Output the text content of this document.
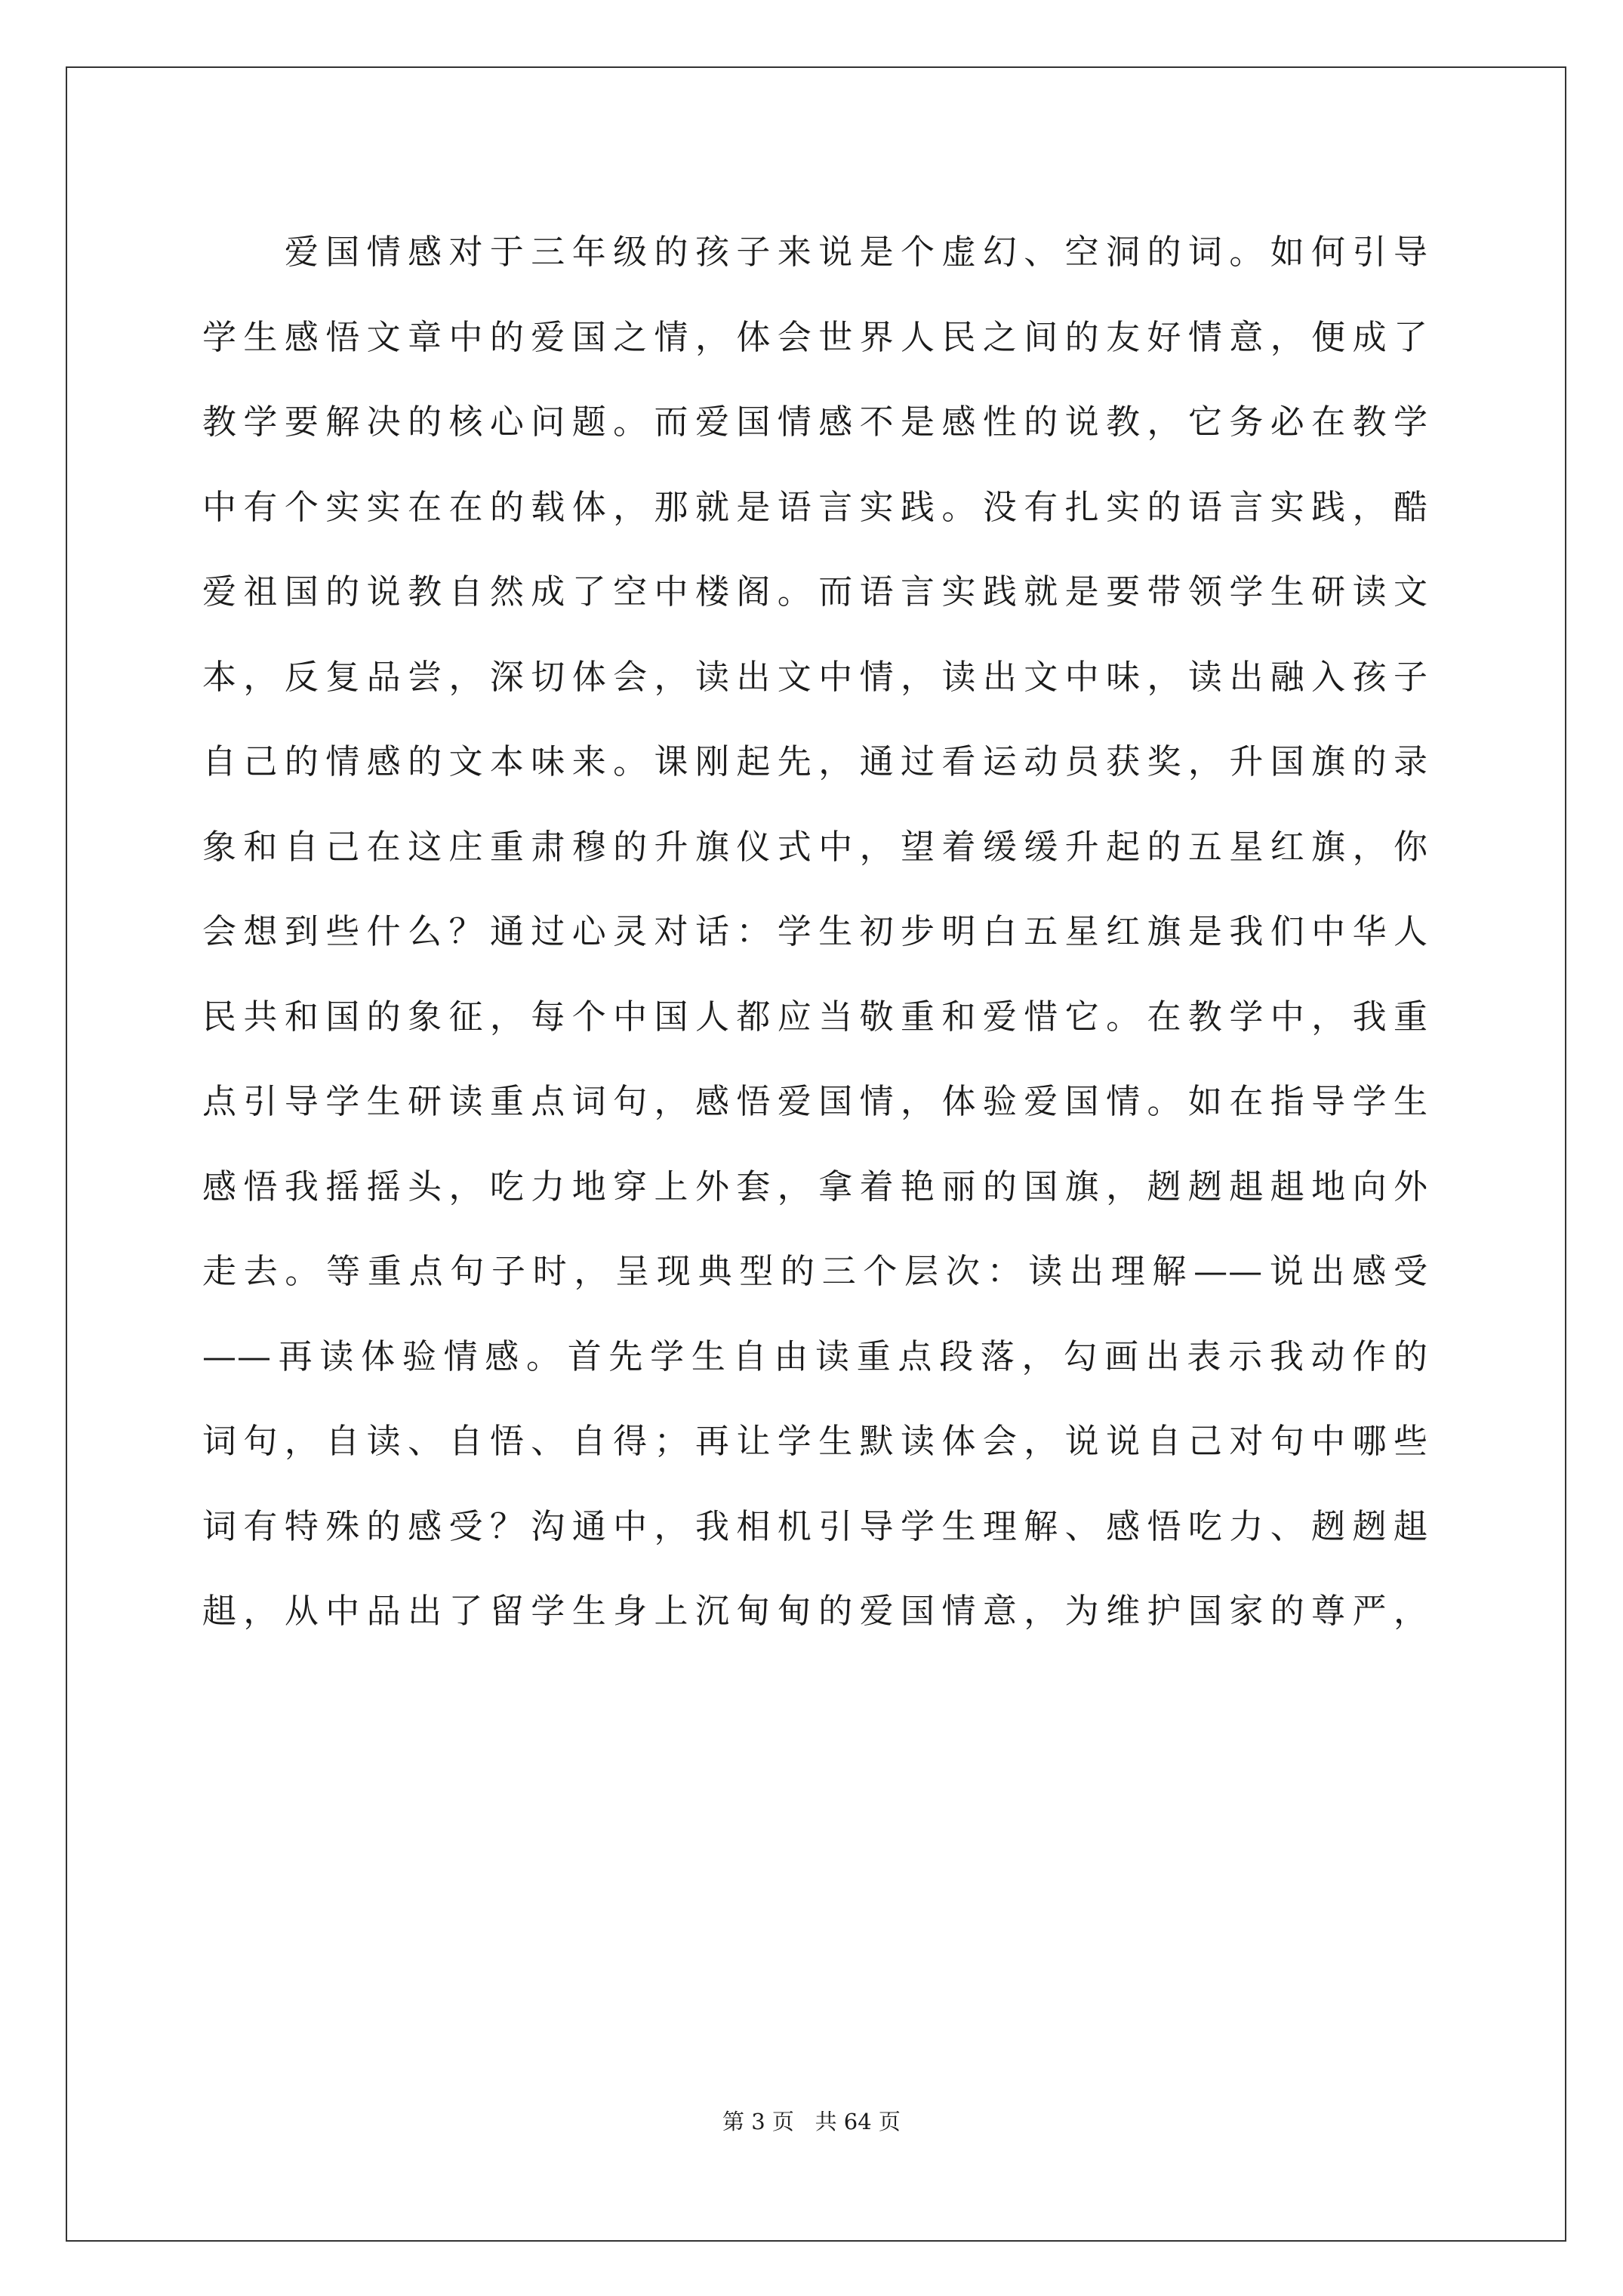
　　爱国情感对于三年级的孩子来说是个虚幻、空洞的词。如何引导
学生感悟文章中的爱国之情，体会世界人民之间的友好情意，便成了
教学要解决的核心问题。而爱国情感不是感性的说教，它务必在教学
中有个实实在在的载体，那就是语言实践。没有扎实的语言实践，酷
爱祖国的说教自然成了空中楼阁。而语言实践就是要带领学生研读文
本，反复品尝，深切体会，读出文中情，读出文中味，读出融入孩子
自己的情感的文本味来。课刚起先，通过看运动员获奖，升国旗的录
象和自己在这庄重肃穆的升旗仪式中，望着缓缓升起的五星红旗，你
会想到些什么？通过心灵对话：学生初步明白五星红旗是我们中华人
民共和国的象征，每个中国人都应当敬重和爱惜它。在教学中，我重
点引导学生研读重点词句，感悟爱国情，体验爱国情。如在指导学生
感悟我摇摇头，吃力地穿上外套，拿着艳丽的国旗，趔趔趄趄地向外
走去。等重点句子时，呈现典型的三个层次：读出理解——说出感受
——再读体验情感。首先学生自由读重点段落，勾画出表示我动作的
词句，自读、自悟、自得；再让学生默读体会，说说自己对句中哪些
词有特殊的感受？沟通中，我相机引导学生理解、感悟吃力、趔趔趄
趄，从中品出了留学生身上沉甸甸的爱国情意，为维护国家的尊严，
第 3 页 共 64 页
